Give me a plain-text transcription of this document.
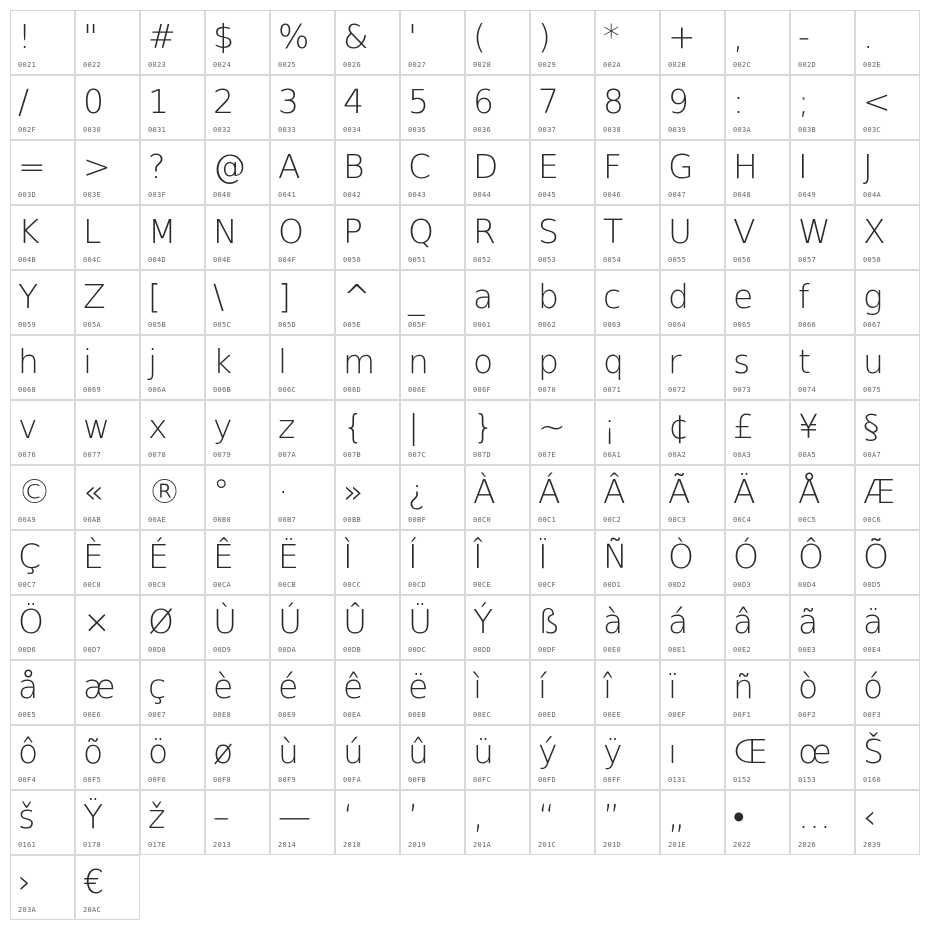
!
0021
"
0022
#
0023
$
0024
%
0025
&
0026
'
0027
(
0028
)
0029
*
002A
+
002B
,
002C
-
002D
.
002E
/
002F
0
0030
1
0031
2
0032
3
0033
4
0034
5
0035
6
0036
7
0037
8
0038
9
0039
:
003A
;
003B
<
003C
=
003D
>
003E
?
003F
@
0040
A
0041
B
0042
C
0043
D
0044
E
0045
F
0046
G
0047
H
0048
I
0049
J
004A
K
004B
L
004C
M
004D
N
004E
O
004F
P
0050
Q
0051
R
0052
S
0053
T
0054
U
0055
V
0056
W
0057
X
0058
Y
0059
Z
005A
[
005B
\
005C
]
005D
^
005E
_
005F
a
0061
b
0062
c
0063
d
0064
e
0065
f
0066
g
0067
h
0068
i
0069
j
006A
k
006B
l
006C
m
006D
n
006E
o
006F
p
0070
q
0071
r
0072
s
0073
t
0074
u
0075
v
0076
w
0077
x
0078
y
0079
z
007A
{
007B
|
007C
}
007D
~
007E
¡
00A1
¢
00A2
£
00A3
¥
00A5
§
00A7
©
00A9
«
00AB
®
00AE
°
00B0
·
00B7
»
00BB
¿
00BF
À
00C0
Á
00C1
Â
00C2
Ã
00C3
Ä
00C4
Å
00C5
Æ
00C6
Ç
00C7
È
00C8
É
00C9
Ê
00CA
Ë
00CB
Ì
00CC
Í
00CD
Î
00CE
Ï
00CF
Ñ
00D1
Ò
00D2
Ó
00D3
Ô
00D4
Õ
00D5
Ö
00D6
×
00D7
Ø
00D8
Ù
00D9
Ú
00DA
Û
00DB
Ü
00DC
Ý
00DD
ß
00DF
à
00E0
á
00E1
â
00E2
ã
00E3
ä
00E4
å
00E5
æ
00E6
ç
00E7
è
00E8
é
00E9
ê
00EA
ë
00EB
ì
00EC
í
00ED
î
00EE
ï
00EF
ñ
00F1
ò
00F2
ó
00F3
ô
00F4
õ
00F5
ö
00F6
ø
00F8
ù
00F9
ú
00FA
û
00FB
ü
00FC
ý
00FD
ÿ
00FF
ı
0131
Œ
0152
œ
0153
Š
0160
š
0161
Ÿ
0178
ž
017E
–
2013
—
2014
‘
2018
’
2019
‚
201A
“
201C
”
201D
„
201E
•
2022
…
2026
‹
2039
›
203A
€
20AC
